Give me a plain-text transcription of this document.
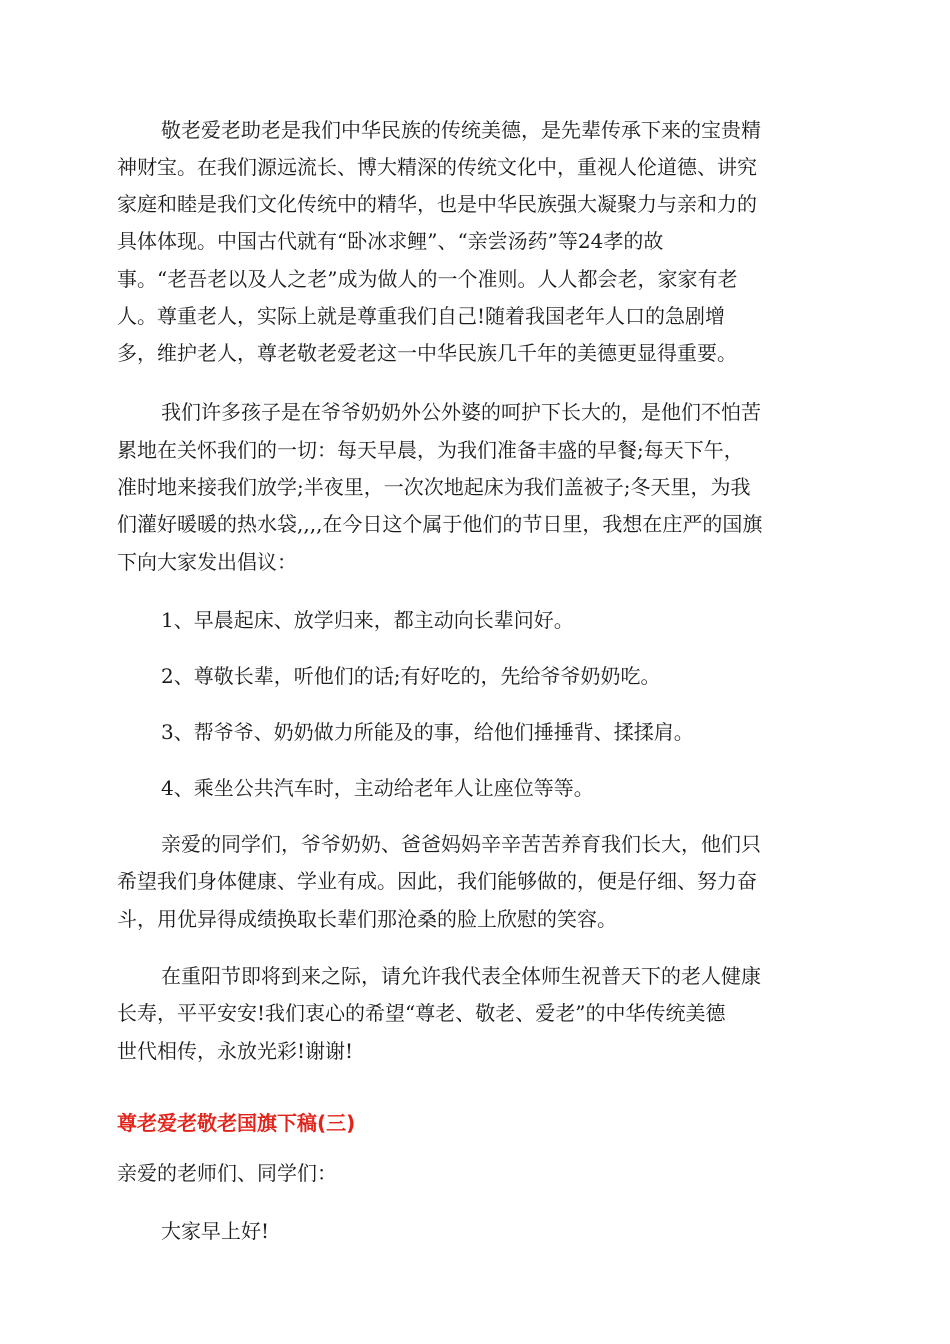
敬老爱老助老是我们中华民族的传统美德，是先辈传承下来的宝贵精
神财宝。在我们源远流长、博大精深的传统文化中，重视人伦道德、讲究
家庭和睦是我们文化传统中的精华，也是中华民族强大凝聚力与亲和力的
具体体现。中国古代就有“卧冰求鲤”、“亲尝汤药”等24孝的故
事。“老吾老以及人之老”成为做人的一个准则。人人都会老，家家有老
人。尊重老人，实际上就是尊重我们自己!随着我国老年人口的急剧增
多，维护老人，尊老敬老爱老这一中华民族几千年的美德更显得重要。
我们许多孩子是在爷爷奶奶外公外婆的呵护下长大的，是他们不怕苦
累地在关怀我们的一切：每天早晨，为我们准备丰盛的早餐;每天下午，
准时地来接我们放学;半夜里，一次次地起床为我们盖被子;冬天里，为我
们灌好暖暖的热水袋,,,,在今日这个属于他们的节日里，我想在庄严的国旗
下向大家发出倡议：
1、早晨起床、放学归来，都主动向长辈问好。
2、尊敬长辈，听他们的话;有好吃的，先给爷爷奶奶吃。
3、帮爷爷、奶奶做力所能及的事，给他们捶捶背、揉揉肩。
4、乘坐公共汽车时，主动给老年人让座位等等。
亲爱的同学们，爷爷奶奶、爸爸妈妈辛辛苦苦养育我们长大，他们只
希望我们身体健康、学业有成。因此，我们能够做的，便是仔细、努力奋
斗，用优异得成绩换取长辈们那沧桑的脸上欣慰的笑容。
在重阳节即将到来之际，请允许我代表全体师生祝普天下的老人健康
长寿，平平安安!我们衷心的希望“尊老、敬老、爱老”的中华传统美德
世代相传，永放光彩!谢谢!
尊老爱老敬老国旗下稿(三)
亲爱的老师们、同学们：
大家早上好!
